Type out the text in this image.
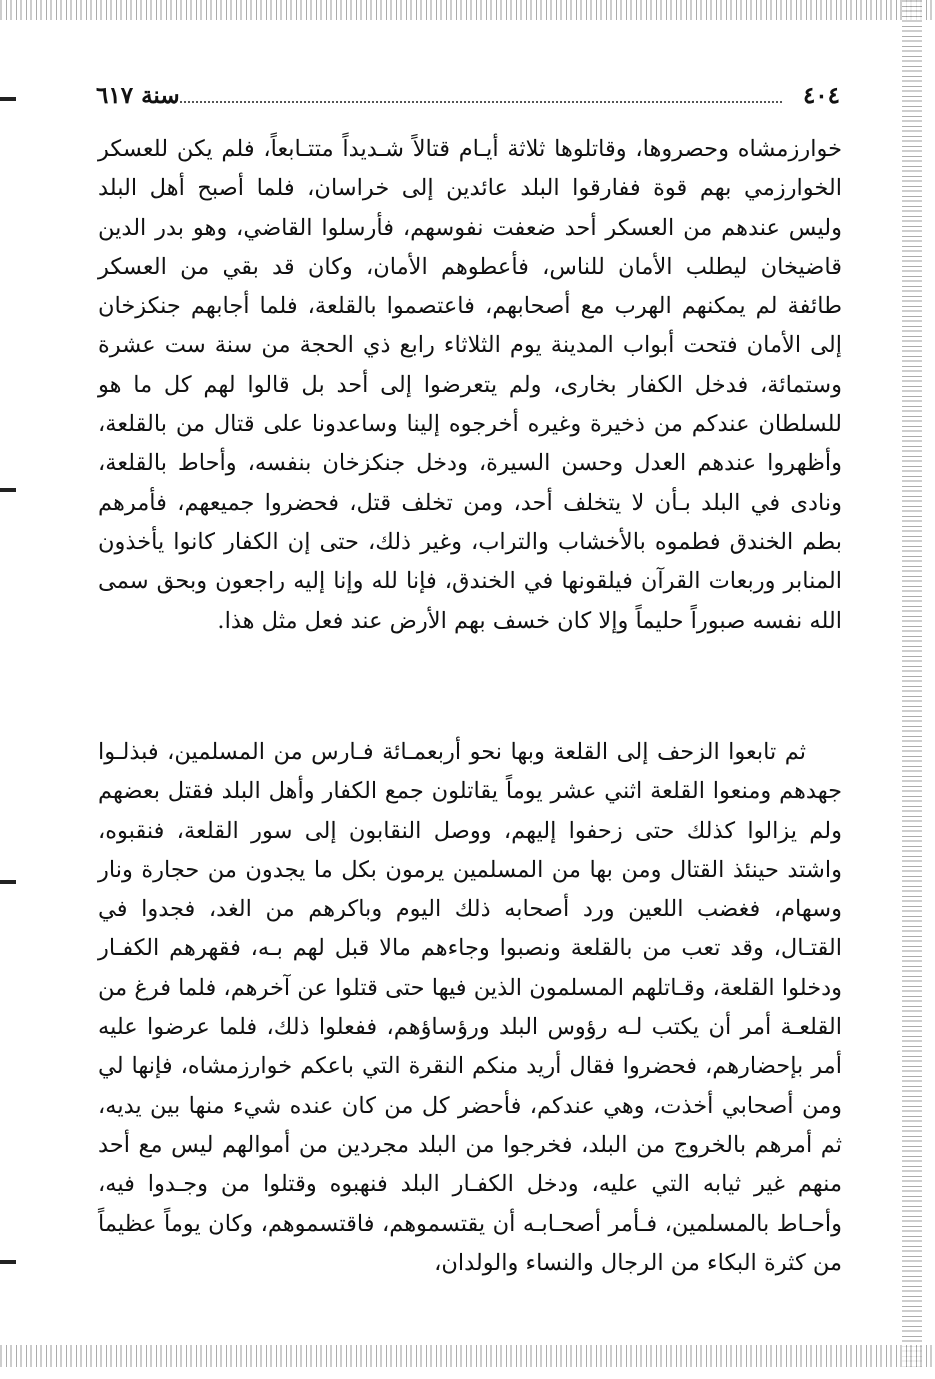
٤٠٤
سنة ٦١٧

خوارزمشاه وحصروها، وقاتلوها ثلاثة أيـام قتالاً شـديداً متتـابعاً، فلم يكن للعسكر الخوارزمي بهم قوة ففارقوا البلد عائدين إلى خراسان، فلما أصبح أهل البلد وليس عندهم من العسكر أحد ضعفت نفوسهم، فأرسلوا القاضي، وهو بدر الدين قاضيخان ليطلب الأمان للناس، فأعطوهم الأمان، وكان قد بقي من العسكر طائفة لم يمكنهم الهرب مع أصحابهم، فاعتصموا بالقلعة، فلما أجابهم جنكزخان إلى الأمان فتحت أبواب المدينة يوم الثلاثاء رابع ذي الحجة من سنة ست عشرة وستمائة، فدخل الكفار بخارى، ولم يتعرضوا إلى أحد بل قالوا لهم كل ما هو للسلطان عندكم من ذخيرة وغيره أخرجوه إلينا وساعدونا على قتال من بالقلعة، وأظهروا عندهم العدل وحسن السيرة، ودخل جنكزخان بنفسه، وأحاط بالقلعة، ونادى في البلد بـأن لا يتخلف أحد، ومن تخلف قتل، فحضروا جميعهم، فأمرهم بطم الخندق فطموه بالأخشاب والتراب، وغير ذلك، حتى إن الكفار كانوا يأخذون المنابر وربعات القرآن فيلقونها في الخندق، فإنا لله وإنا إليه راجعون وبحق سمى الله نفسه صبوراً حليماً وإلا كان خسف بهم الأرض عند فعل مثل هذا.

ثم تابعوا الزحف إلى القلعة وبها نحو أربعمـائة فـارس من المسلمين، فبذلـوا جهدهم ومنعوا القلعة اثني عشر يوماً يقاتلون جمع الكفار وأهل البلد فقتل بعضهم ولم يزالوا كذلك حتى زحفوا إليهم، ووصل النقابون إلى سور القلعة، فنقبوه، واشتد حينئذ القتال ومن بها من المسلمين يرمون بكل ما يجدون من حجارة ونار وسهام، فغضب اللعين ورد أصحابه ذلك اليوم وباكرهم من الغد، فجدوا في القتـال، وقد تعب من بالقلعة ونصبوا وجاءهم مالا قبل لهم بـه، فقهرهم الكفـار ودخلوا القلعة، وقـاتلهم المسلمون الذين فيها حتى قتلوا عن آخرهم، فلما فرغ من القلعـة أمر أن يكتب لـه رؤوس البلد ورؤساؤهم، ففعلوا ذلك، فلما عرضوا عليه أمر بإحضارهم، فحضروا فقال أريد منكم النقرة التي باعكم خوارزمشاه، فإنها لي ومن أصحابي أخذت، وهي عندكم، فأحضر كل من كان عنده شيء منها بين يديه، ثم أمرهم بالخروج من البلد، فخرجوا من البلد مجردين من أموالهم ليس مع أحد منهم غير ثيابه التي عليه، ودخل الكفـار البلد فنهبوه وقتلوا من وجـدوا فيه، وأحـاط بالمسلمين، فـأمر أصحـابـه أن يقتسموهم، فاقتسموهم، وكان يوماً عظيماً من كثرة البكاء من الرجال والنساء والولدان،
